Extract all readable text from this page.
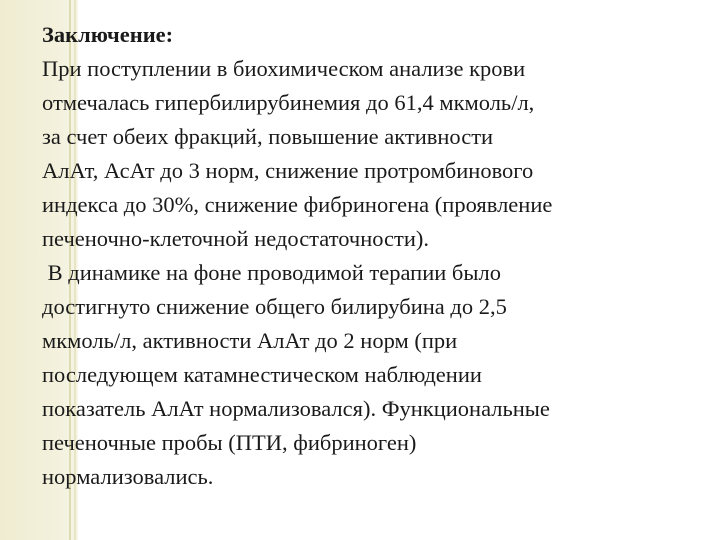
Заключение:
При поступлении в биохимическом анализе крови
отмечалась гипербилирубинемия до 61,4 мкмоль/л,
за счет обеих фракций, повышение активности
АлАт, АсАт до 3 норм, снижение протромбинового
индекса до 30%, снижение фибриногена (проявление
печеночно-клеточной недостаточности).
В динамике на фоне проводимой терапии было
достигнуто снижение общего билирубина до 2,5
мкмоль/л, активности АлАт до 2 норм (при
последующем катамнестическом наблюдении
показатель АлАт нормализовался). Функциональные
печеночные пробы (ПТИ, фибриноген)
нормализовались.
